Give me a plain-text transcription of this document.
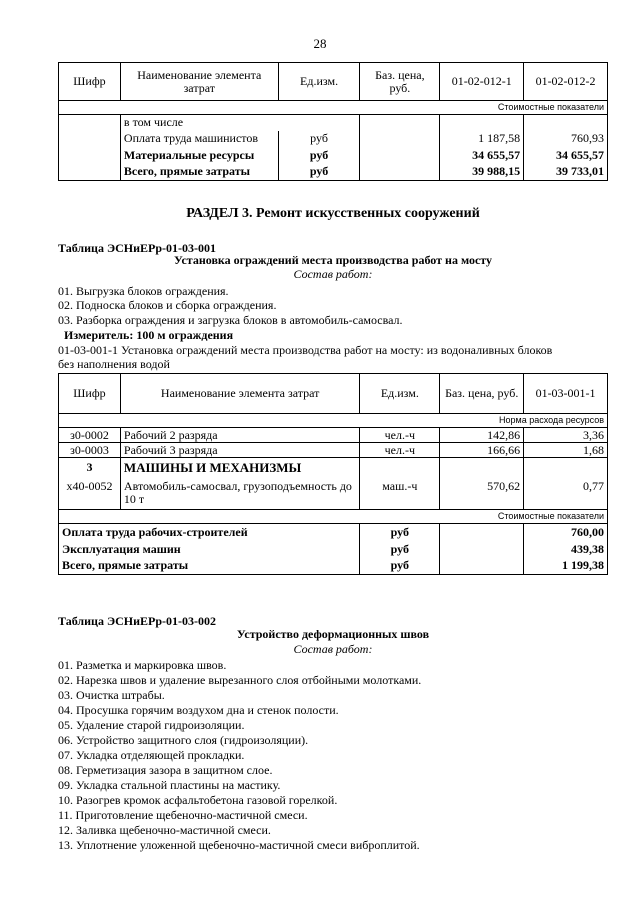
28
Шифр	Наименование элемента затрат	Ед.изм.	Баз. цена, руб.	01-02-012-1	01-02-012-2
Стоимостные показатели					
	в том числе				
	Оплата труда машинистов	руб		1 187,58	760,93
	Материальные ресурсы	руб		34 655,57	34 655,57
	Всего, прямые затраты	руб		39 988,15	39 733,01
РАЗДЕЛ 3. Ремонт искусственных сооружений
Таблица ЭСНиЕРр-01-03-001
Установка ограждений места производства работ на мосту
Состав работ:
01. Выгрузка блоков ограждения.
02. Подноска блоков и сборка ограждения.
03. Разборка ограждения и загрузка блоков в автомобиль-самосвал.
Измеритель: 100 м ограждения
01-03-001-1 Установка ограждений места производства работ на мосту: из водоналивных блоков
без наполнения водой
Шифр	Наименование элемента затрат	Ед.изм.	Баз. цена, руб.	01-03-001-1
Норма расхода ресурсов				
з0-0002	Рабочий 2 разряда	чел.-ч	142,86	3,36
з0-0003	Рабочий 3 разряда	чел.-ч	166,66	1,68
3	МАШИНЫ И МЕХАНИЗМЫ			
х40-0052	Автомобиль-самосвал, грузоподъемность до 10 т	маш.-ч	570,62	0,77
Стоимостные показатели				
Оплата труда рабочих-строителей		руб		760,00
Эксплуатация машин		руб		439,38
Всего, прямые затраты		руб		1 199,38
Таблица ЭСНиЕРр-01-03-002
Устройство деформационных швов
Состав работ:
01. Разметка и маркировка швов.
02. Нарезка швов и удаление вырезанного слоя отбойными молотками.
03. Очистка штрабы.
04. Просушка горячим воздухом дна и стенок полости.
05. Удаление старой гидроизоляции.
06. Устройство защитного слоя (гидроизоляции).
07. Укладка отделяющей прокладки.
08. Герметизация зазора в защитном слое.
09. Укладка стальной пластины на мастику.
10. Разогрев кромок асфальтобетона газовой горелкой.
11. Приготовление щебеночно-мастичной смеси.
12. Заливка щебеночно-мастичной смеси.
13. Уплотнение уложенной щебеночно-мастичной смеси виброплитой.
